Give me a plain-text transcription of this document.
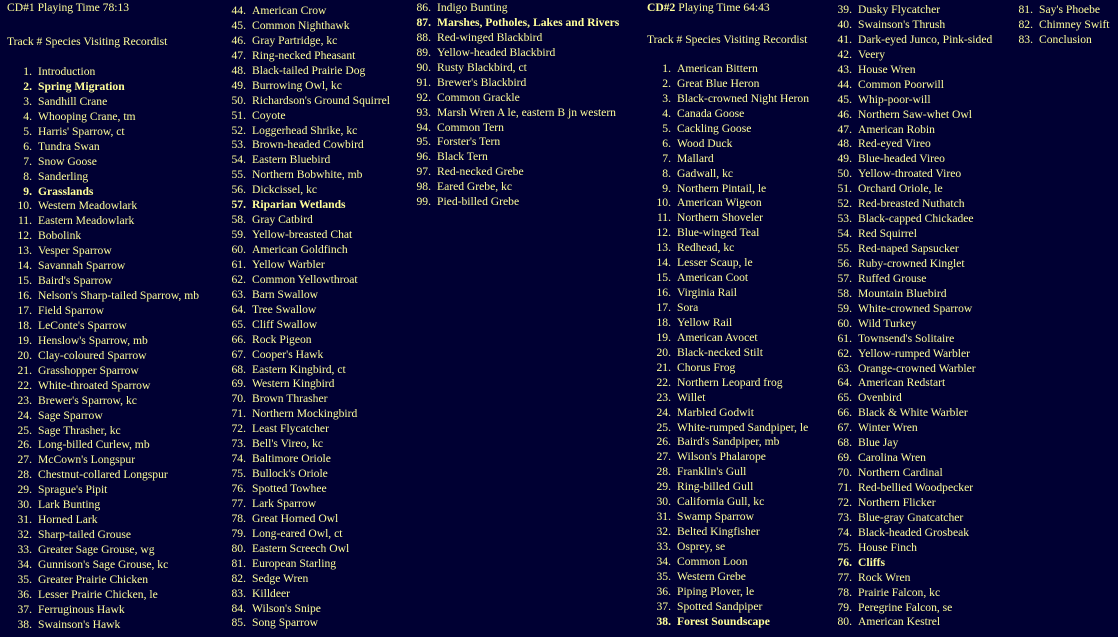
CD#1 Playing Time 78:13
Track # Species Visiting Recordist
CD#2 Playing Time 64:43
Track # Species Visiting Recordist
1. Introduction
2. Spring Migration
3. Sandhill Crane
4. Whooping Crane, tm
5. Harris' Sparrow, ct
6. Tundra Swan
7. Snow Goose
8. Sanderling
9. Grasslands
10. Western Meadowlark
11. Eastern Meadowlark
12. Bobolink
13. Vesper Sparrow
14. Savannah Sparrow
15. Baird's Sparrow
16. Nelson's Sharp-tailed Sparrow, mb
17. Field Sparrow
18. LeConte's Sparrow
19. Henslow's Sparrow, mb
20. Clay-coloured Sparrow
21. Grasshopper Sparrow
22. White-throated Sparrow
23. Brewer's Sparrow, kc
24. Sage Sparrow
25. Sage Thrasher, kc
26. Long-billed Curlew, mb
27. McCown's Longspur
28. Chestnut-collared Longspur
29. Sprague's Pipit
30. Lark Bunting
31. Horned Lark
32. Sharp-tailed Grouse
33. Greater Sage Grouse, wg
34. Gunnison's Sage Grouse, kc
35. Greater Prairie Chicken
36. Lesser Prairie Chicken, le
37. Ferruginous Hawk
38. Swainson's Hawk
44. American Crow
45. Common Nighthawk
46. Gray Partridge, kc
47. Ring-necked Pheasant
48. Black-tailed Prairie Dog
49. Burrowing Owl, kc
50. Richardson's Ground Squirrel
51. Coyote
52. Loggerhead Shrike, kc
53. Brown-headed Cowbird
54. Eastern Bluebird
55. Northern Bobwhite, mb
56. Dickcissel, kc
57. Riparian Wetlands
58. Gray Catbird
59. Yellow-breasted Chat
60. American Goldfinch
61. Yellow Warbler
62. Common Yellowthroat
63. Barn Swallow
64. Tree Swallow
65. Cliff Swallow
66. Rock Pigeon
67. Cooper's Hawk
68. Eastern Kingbird, ct
69. Western Kingbird
70. Brown Thrasher
71. Northern Mockingbird
72. Least Flycatcher
73. Bell's Vireo, kc
74. Baltimore Oriole
75. Bullock's Oriole
76. Spotted Towhee
77. Lark Sparrow
78. Great Horned Owl
79. Long-eared Owl, ct
80. Eastern Screech Owl
81. European Starling
82. Sedge Wren
83. Killdeer
84. Wilson's Snipe
85. Song Sparrow
86. Indigo Bunting
87. Marshes, Potholes, Lakes and Rivers
88. Red-winged Blackbird
89. Yellow-headed Blackbird
90. Rusty Blackbird, ct
91. Brewer's Blackbird
92. Common Grackle
93. Marsh Wren A le, eastern B jn western
94. Common Tern
95. Forster's Tern
96. Black Tern
97. Red-necked Grebe
98. Eared Grebe, kc
99. Pied-billed Grebe
1. American Bittern
2. Great Blue Heron
3. Black-crowned Night Heron
4. Canada Goose
5. Cackling Goose
6. Wood Duck
7. Mallard
8. Gadwall, kc
9. Northern Pintail, le
10. American Wigeon
11. Northern Shoveler
12. Blue-winged Teal
13. Redhead, kc
14. Lesser Scaup, le
15. American Coot
16. Virginia Rail
17. Sora
18. Yellow Rail
19. American Avocet
20. Black-necked Stilt
21. Chorus Frog
22. Northern Leopard frog
23. Willet
24. Marbled Godwit
25. White-rumped Sandpiper, le
26. Baird's Sandpiper, mb
27. Wilson's Phalarope
28. Franklin's Gull
29. Ring-billed Gull
30. California Gull, kc
31. Swamp Sparrow
32. Belted Kingfisher
33. Osprey, se
34. Common Loon
35. Western Grebe
36. Piping Plover, le
37. Spotted Sandpiper
38. Forest Soundscape
39. Dusky Flycatcher
40. Swainson's Thrush
41. Dark-eyed Junco, Pink-sided
42. Veery
43. House Wren
44. Common Poorwill
45. Whip-poor-will
46. Northern Saw-whet Owl
47. American Robin
48. Red-eyed Vireo
49. Blue-headed Vireo
50. Yellow-throated Vireo
51. Orchard Oriole, le
52. Red-breasted Nuthatch
53. Black-capped Chickadee
54. Red Squirrel
55. Red-naped Sapsucker
56. Ruby-crowned Kinglet
57. Ruffed Grouse
58. Mountain Bluebird
59. White-crowned Sparrow
60. Wild Turkey
61. Townsend's Solitaire
62. Yellow-rumped Warbler
63. Orange-crowned Warbler
64. American Redstart
65. Ovenbird
66. Black & White Warbler
67. Winter Wren
68. Blue Jay
69. Carolina Wren
70. Northern Cardinal
71. Red-bellied Woodpecker
72. Northern Flicker
73. Blue-gray Gnatcatcher
74. Black-headed Grosbeak
75. House Finch
76. Cliffs
77. Rock Wren
78. Prairie Falcon, kc
79. Peregrine Falcon, se
80. American Kestrel
81. Say's Phoebe
82. Chimney Swift
83. Conclusion
